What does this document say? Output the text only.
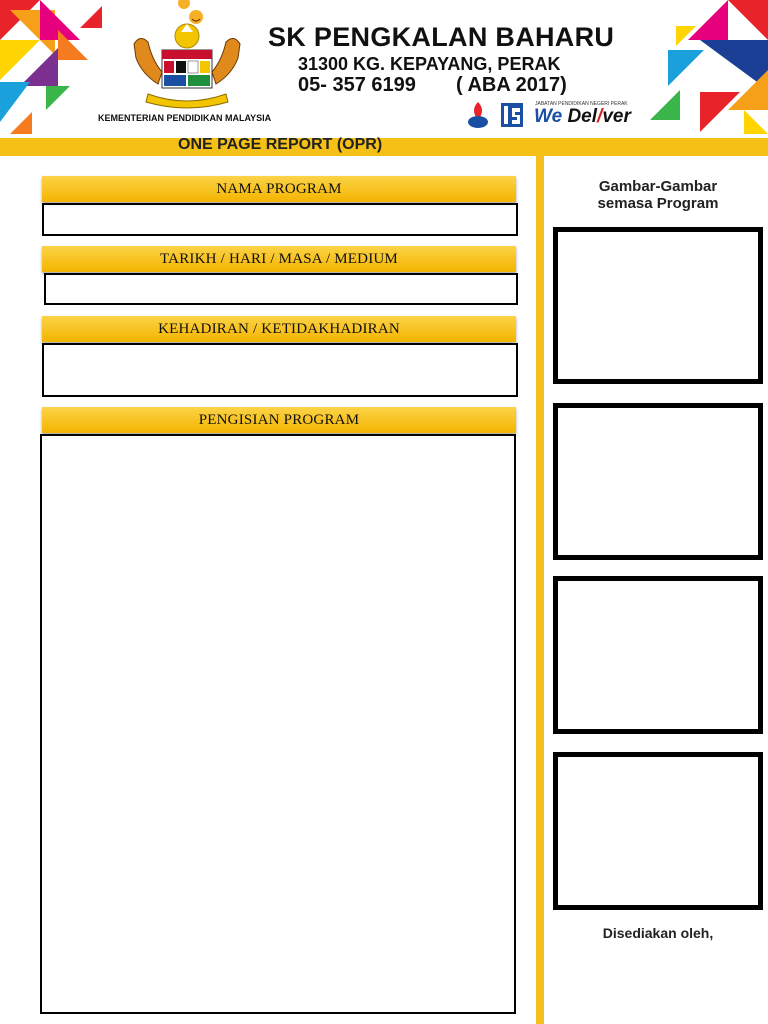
SK PENGKALAN BAHARU
31300 KG. KEPAYANG, PERAK
05- 357 6199 ( ABA 2017)
KEMENTERIAN PENDIDIKAN MALAYSIA
JABATAN PENDIDIKAN NEGERI PERAK
We Del/ver
ONE PAGE REPORT (OPR)
NAMA PROGRAM
TARIKH / HARI / MASA / MEDIUM
KEHADIRAN / KETIDAKHADIRAN
PENGISIAN PROGRAM
Gambar-Gambar
semasa Program
Disediakan oleh,
